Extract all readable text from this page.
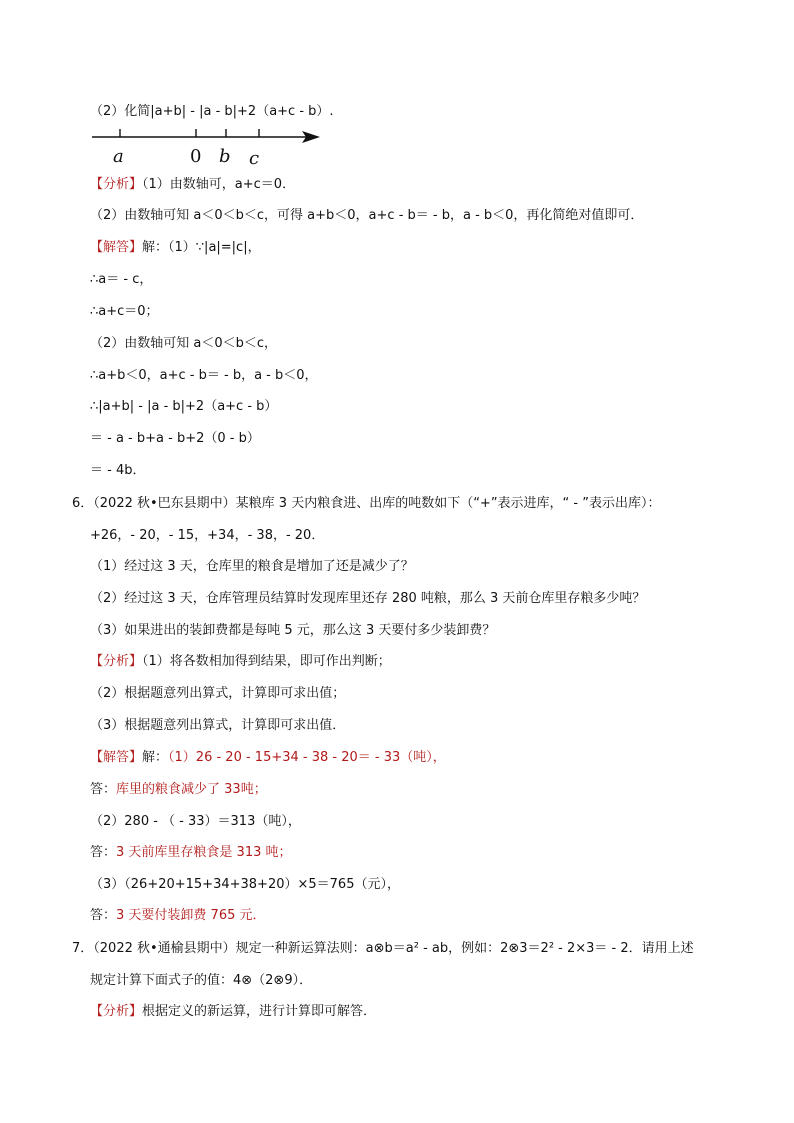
（2）化简|a+b| - |a - b|+2（a+c - b）.
a	0 b c
【分析】（1）由数轴可，a+c＝0．
（2）由数轴可知 a＜0＜b＜c，可得 a+b＜0，a+c - b＝ - b，a - b＜0，再化简绝对值即可．
【解答】解：（1）∵|a|=|c|，
∴a＝ - c，
∴a+c＝0；
（2）由数轴可知 a＜0＜b＜c，
∴a+b＜0，a+c - b＝ - b，a - b＜0，
∴|a+b| - |a - b|+2（a+c - b）
＝ - a - b+a - b+2（0 - b）
＝ - 4b．
6．（2022 秋•巴东县期中）某粮库 3 天内粮食进、出库的吨数如下（“+”表示进库，“ - ”表示出库）：
+26，- 20，- 15，+34，- 38，- 20．
（1）经过这 3 天，仓库里的粮食是增加了还是减少了？
（2）经过这 3 天，仓库管理员结算时发现库里还存 280 吨粮，那么 3 天前仓库里存粮多少吨？
（3）如果进出的装卸费都是每吨 5 元，那么这 3 天要付多少装卸费？
【分析】（1）将各数相加得到结果，即可作出判断；
（2）根据题意列出算式，计算即可求出值；
（3）根据题意列出算式，计算即可求出值．
【解答】解：（1）26 - 20 - 15+34 - 38 - 20＝ - 33（吨），
答：库里的粮食减少了 33吨；
（2）280 - （ - 33）＝313（吨），
答：3 天前库里存粮食是 313 吨；
（3）（26+20+15+34+38+20）×5＝765（元），
答：3 天要付装卸费 765 元．
7．（2022 秋•通榆县期中）规定一种新运算法则：a⊗b＝a² - ab，例如：2⊗3＝2² - 2×3＝ - 2．请用上述
规定计算下面式子的值：4⊗（2⊗9）．
【分析】根据定义的新运算，进行计算即可解答．
